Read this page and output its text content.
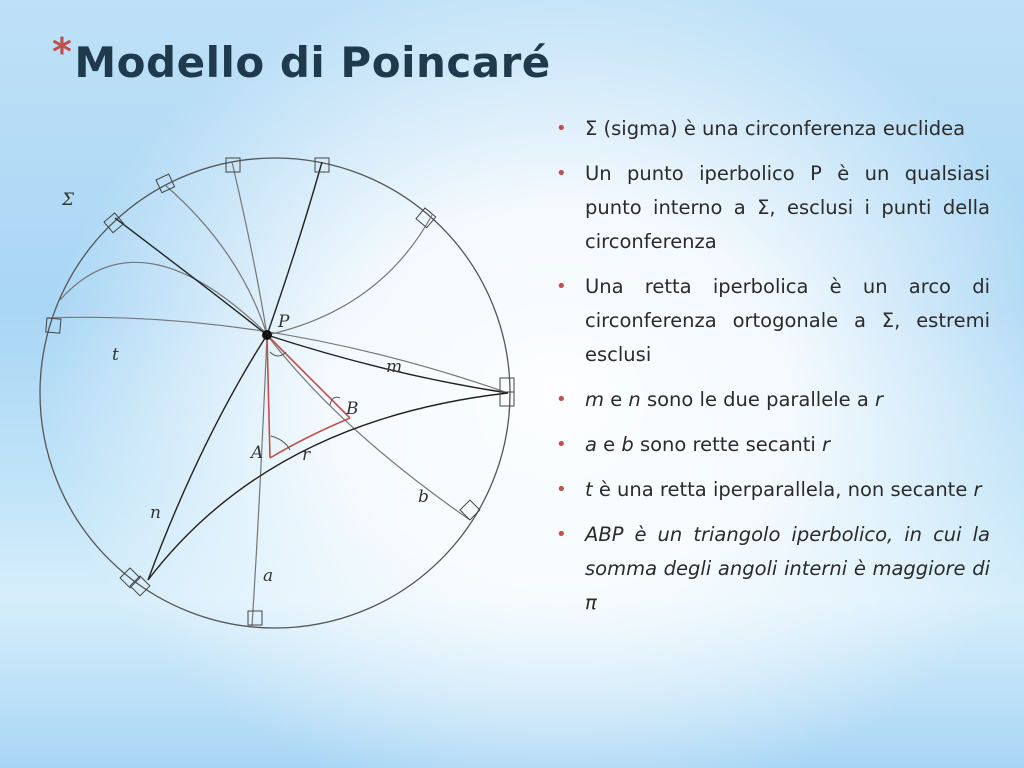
*Modello di Poincaré
Σ
P
A
B
t
m
r
b
n
a
• Σ (sigma) è una circonferenza euclidea
• Un punto iperbolico P è un qualsiasi punto interno a Σ, esclusi i punti della circonferenza
• Una retta iperbolica è un arco di circonferenza ortogonale a Σ, estremi esclusi
• m e n sono le due parallele a r
• a e b sono rette secanti r
• t è una retta iperparallela, non secante r
• ABP è un triangolo iperbolico, in cui la somma degli angoli interni è maggiore di π
